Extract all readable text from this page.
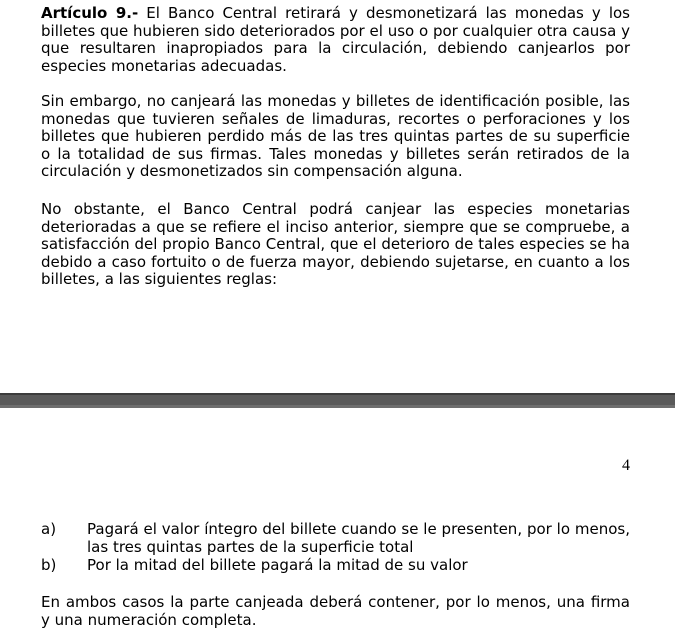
Artículo 9.- El Banco Central retirará y desmonetizará las monedas y los billetes que hubieren sido deteriorados por el uso o por cualquier otra causa y que resultaren inapropiados para la circulación, debiendo canjearlos por especies monetarias adecuadas.

Sin embargo, no canjeará las monedas y billetes de identificación posible, las monedas que tuvieren señales de limaduras, recortes o perforaciones y los billetes que hubieren perdido más de las tres quintas partes de su superficie o la totalidad de sus firmas. Tales monedas y billetes serán retirados de la circulación y desmonetizados sin compensación alguna.

No obstante, el Banco Central podrá canjear las especies monetarias deterioradas a que se refiere el inciso anterior, siempre que se compruebe, a satisfacción del propio Banco Central, que el deterioro de tales especies se ha debido a caso fortuito o de fuerza mayor, debiendo sujetarse, en cuanto a los billetes, a las siguientes reglas:

4
a) Pagará el valor íntegro del billete cuando se le presenten, por lo menos, las tres quintas partes de la superficie total
b) Por la mitad del billete pagará la mitad de su valor

En ambos casos la parte canjeada deberá contener, por lo menos, una firma y una numeración completa.
